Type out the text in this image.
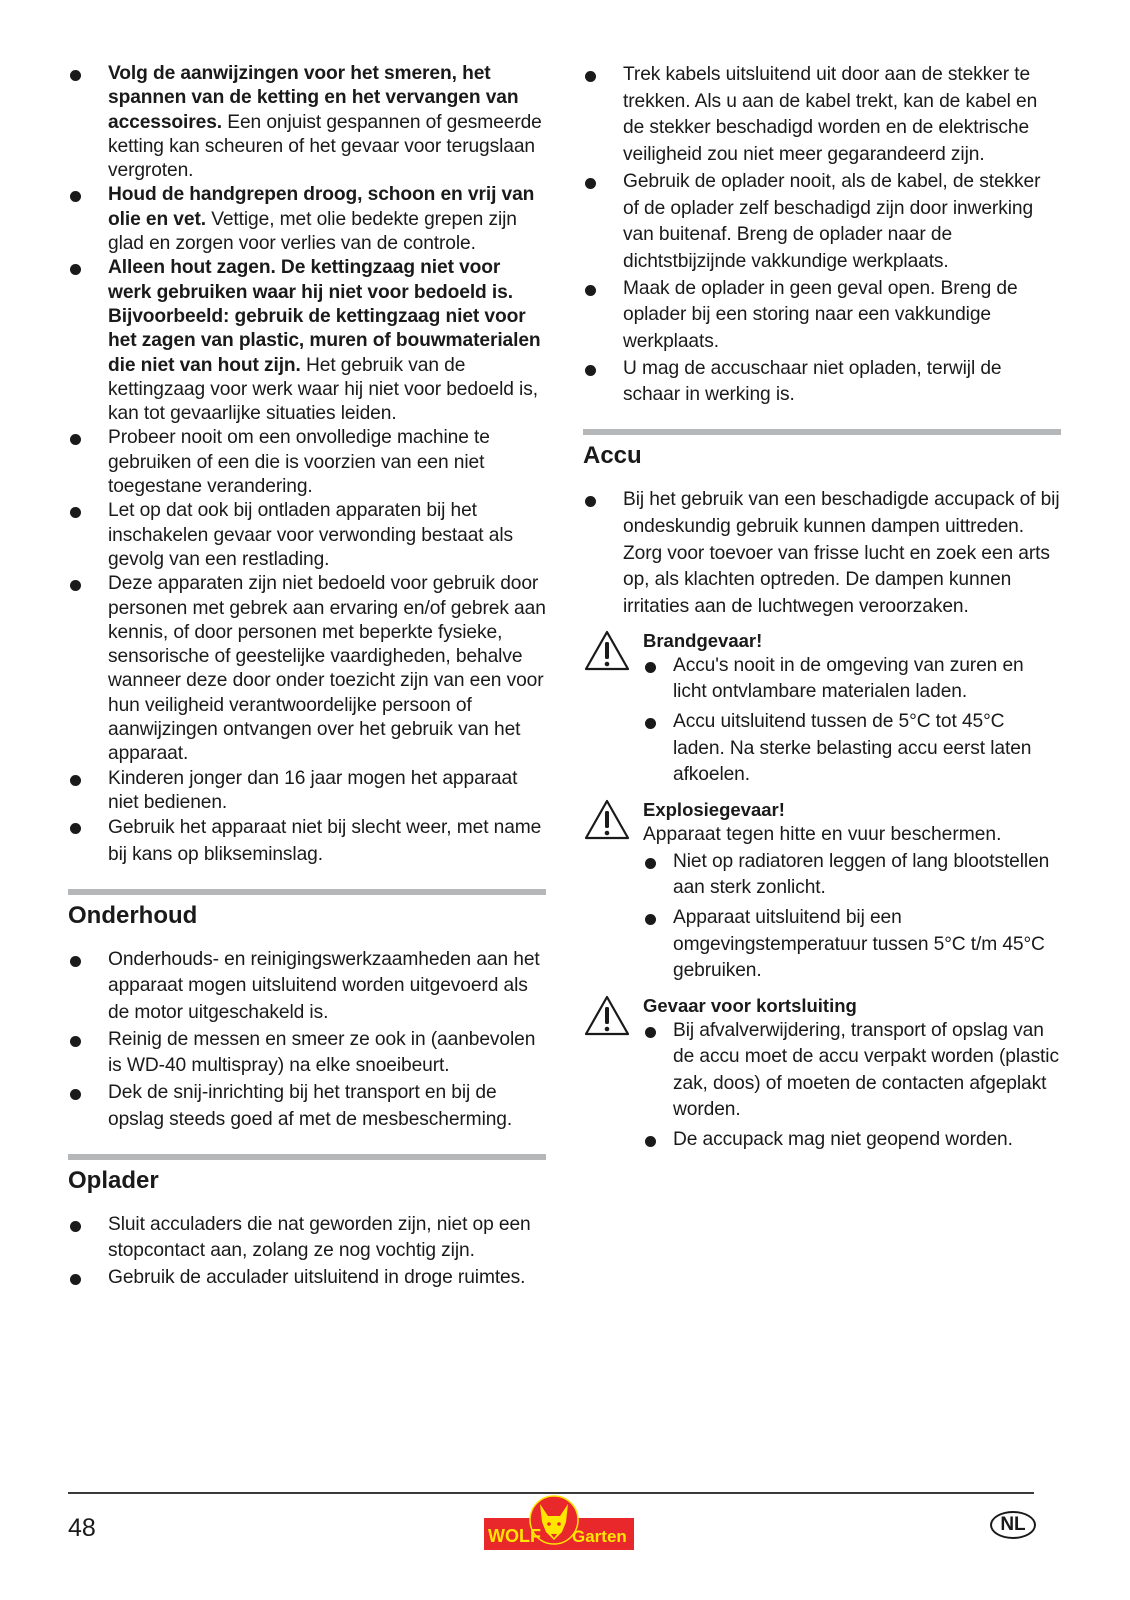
Volg de aanwijzingen voor het smeren, het spannen van de ketting en het vervangen van accessoires. Een onjuist gespannen of gesmeerde ketting kan scheuren of het gevaar voor terugslaan vergroten.
Houd de handgrepen droog, schoon en vrij van olie en vet. Vettige, met olie bedekte grepen zijn glad en zorgen voor verlies van de controle.
Alleen hout zagen. De kettingzaag niet voor werk gebruiken waar hij niet voor bedoeld is. Bijvoorbeeld: gebruik de kettingzaag niet voor het zagen van plastic, muren of bouwmaterialen die niet van hout zijn. Het gebruik van de kettingzaag voor werk waar hij niet voor bedoeld is, kan tot gevaarlijke situaties leiden.
Probeer nooit om een onvolledige machine te gebruiken of een die is voorzien van een niet toegestane verandering.
Let op dat ook bij ontladen apparaten bij het inschakelen gevaar voor verwonding bestaat als gevolg van een restlading.
Deze apparaten zijn niet bedoeld voor gebruik door personen met gebrek aan ervaring en/of gebrek aan kennis, of door personen met beperkte fysieke, sensorische of geestelijke vaardigheden, behalve wanneer deze door onder toezicht zijn van een voor hun veiligheid verantwoordelijke persoon of aanwijzingen ontvangen over het gebruik van het apparaat.
Kinderen jonger dan 16 jaar mogen het apparaat niet bedienen.
Gebruik het apparaat niet bij slecht weer, met name bij kans op blikseminslag.
Onderhoud
Onderhouds- en reinigingswerkzaamheden aan het apparaat mogen uitsluitend worden uitgevoerd als de motor uitgeschakeld is.
Reinig de messen en smeer ze ook in (aanbevolen is WD-40 multispray) na elke snoeibeurt.
Dek de snij-inrichting bij het transport en bij de opslag steeds goed af met de mesbescherming.
Oplader
Sluit acculaders die nat geworden zijn, niet op een stopcontact aan, zolang ze nog vochtig zijn.
Gebruik de acculader uitsluitend in droge ruimtes.
Trek kabels uitsluitend uit door aan de stekker te trekken. Als u aan de kabel trekt, kan de kabel en de stekker beschadigd worden en de elektrische veiligheid zou niet meer gegarandeerd zijn.
Gebruik de oplader nooit, als de kabel, de stekker of de oplader zelf beschadigd zijn door inwerking van buitenaf. Breng de oplader naar de dichtstbijzijnde vakkundige werkplaats.
Maak de oplader in geen geval open. Breng de oplader bij een storing naar een vakkundige werkplaats.
U mag de accuschaar niet opladen, terwijl de schaar in werking is.
Accu
Bij het gebruik van een beschadigde accupack of bij ondeskundig gebruik kunnen dampen uittreden. Zorg voor toevoer van frisse lucht en zoek een arts op, als klachten optreden. De dampen kunnen irritaties aan de luchtwegen veroorzaken.
Brandgevaar!
Accu's nooit in de omgeving van zuren en licht ontvlambare materialen laden.
Accu uitsluitend tussen de 5°C tot 45°C laden. Na sterke belasting accu eerst laten afkoelen.
Explosiegevaar!
Apparaat tegen hitte en vuur beschermen.
Niet op radiatoren leggen of lang blootstellen aan sterk zonlicht.
Apparaat uitsluitend bij een omgevingstemperatuur tussen 5°C t/m 45°C gebruiken.
Gevaar voor kortsluiting
Bij afvalverwijdering, transport of opslag van de accu moet de accu verpakt worden (plastic zak, doos) of moeten de contacten afgeplakt worden.
De accupack mag niet geopend worden.
48	WOLF Garten
NL
